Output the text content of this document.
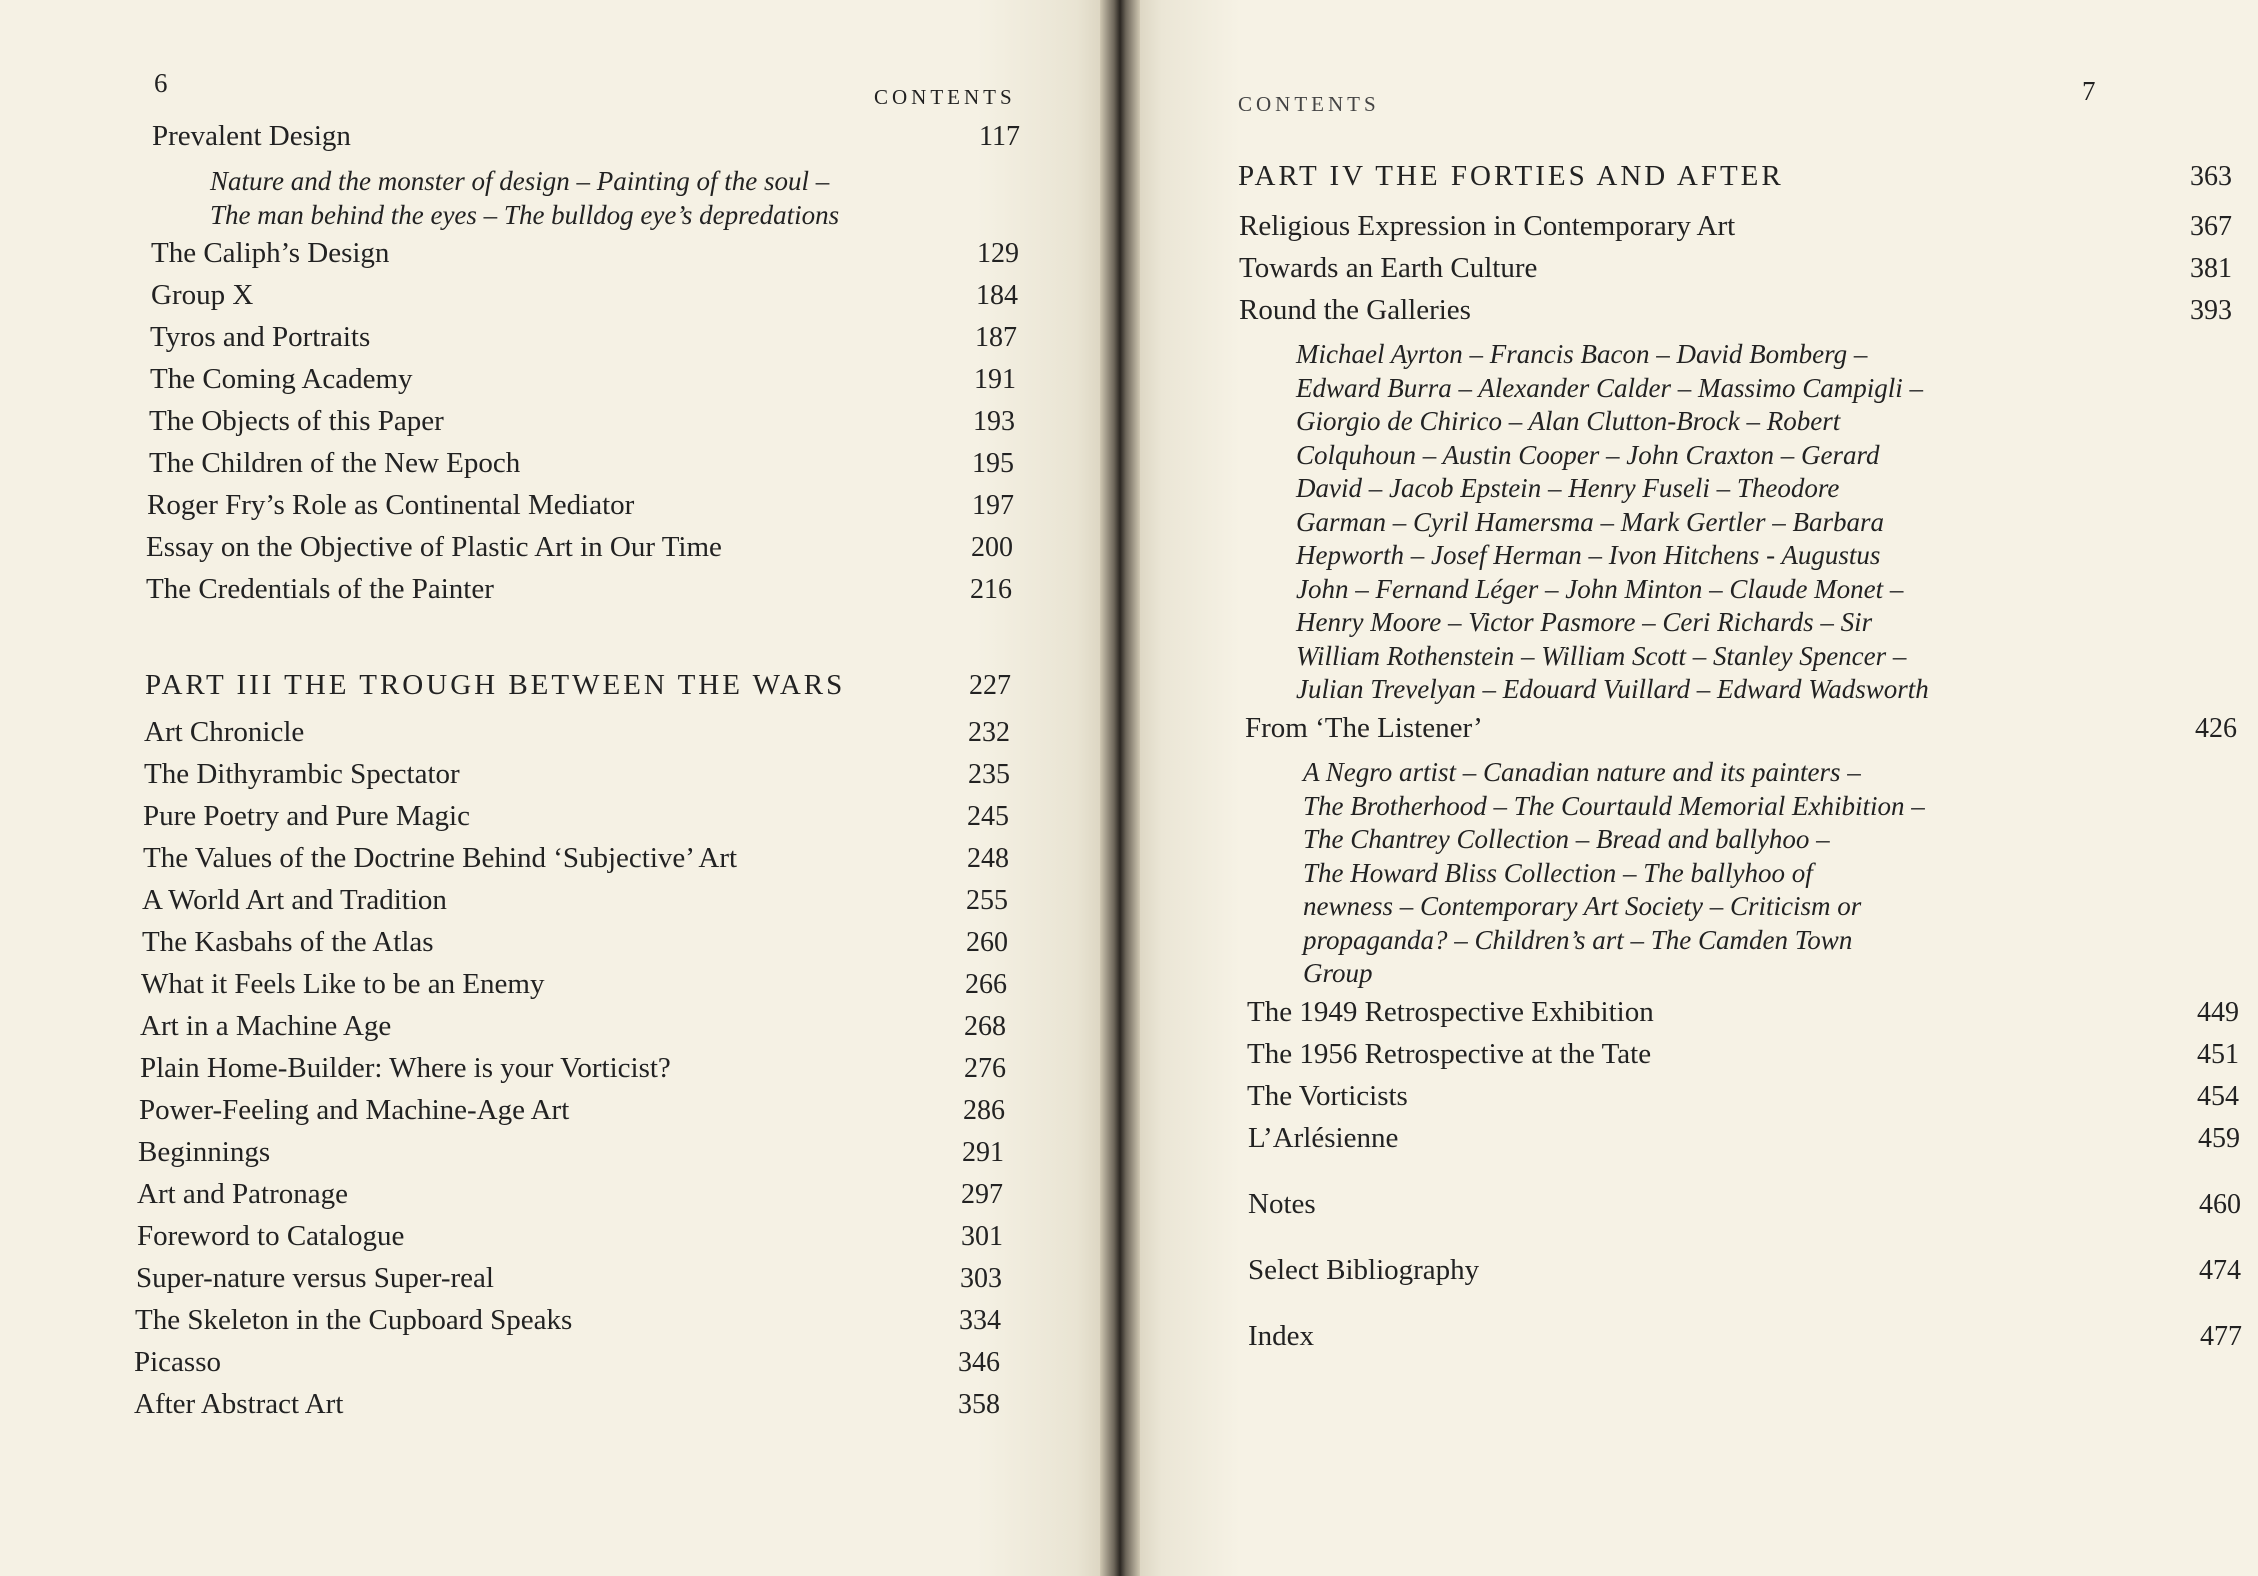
6	CONTENTS
Prevalent Design	117
Nature and the monster of design – Painting of the soul –
The man behind the eyes – The bulldog eye’s depredations
The Caliph’s Design	129
Group X	184
Tyros and Portraits	187
The Coming Academy	191
The Objects of this Paper	193
The Children of the New Epoch	195
Roger Fry’s Role as Continental Mediator	197
Essay on the Objective of Plastic Art in Our Time	200
The Credentials of the Painter	216
PART III THE TROUGH BETWEEN THE WARS	227
Art Chronicle	232
The Dithyrambic Spectator	235
Pure Poetry and Pure Magic	245
The Values of the Doctrine Behind ‘Subjective’ Art	248
A World Art and Tradition	255
The Kasbahs of the Atlas	260
What it Feels Like to be an Enemy	266
Art in a Machine Age	268
Plain Home-Builder: Where is your Vorticist?	276
Power-Feeling and Machine-Age Art	286
Beginnings	291
Art and Patronage	297
Foreword to Catalogue	301
Super-nature versus Super-real	303
The Skeleton in the Cupboard Speaks	334
Picasso	346
After Abstract Art	358
CONTENTS	7
PART IV THE FORTIES AND AFTER	363
Religious Expression in Contemporary Art	367
Towards an Earth Culture	381
Round the Galleries	393
Michael Ayrton – Francis Bacon – David Bomberg –
Edward Burra – Alexander Calder – Massimo Campigli –
Giorgio de Chirico – Alan Clutton-Brock – Robert
Colquhoun – Austin Cooper – John Craxton – Gerard
David – Jacob Epstein – Henry Fuseli – Theodore
Garman – Cyril Hamersma – Mark Gertler – Barbara
Hepworth – Josef Herman – Ivon Hitchens - Augustus
John – Fernand Léger – John Minton – Claude Monet –
Henry Moore – Victor Pasmore – Ceri Richards – Sir
William Rothenstein – William Scott – Stanley Spencer –
Julian Trevelyan – Edouard Vuillard – Edward Wadsworth
From ‘The Listener’	426
A Negro artist – Canadian nature and its painters –
The Brotherhood – The Courtauld Memorial Exhibition –
The Chantrey Collection – Bread and ballyhoo –
The Howard Bliss Collection – The ballyhoo of
newness – Contemporary Art Society – Criticism or
propaganda? – Children’s art – The Camden Town
Group
The 1949 Retrospective Exhibition	449
The 1956 Retrospective at the Tate	451
The Vorticists	454
L’Arlésienne	459
Notes	460
Select Bibliography	474
Index	477
